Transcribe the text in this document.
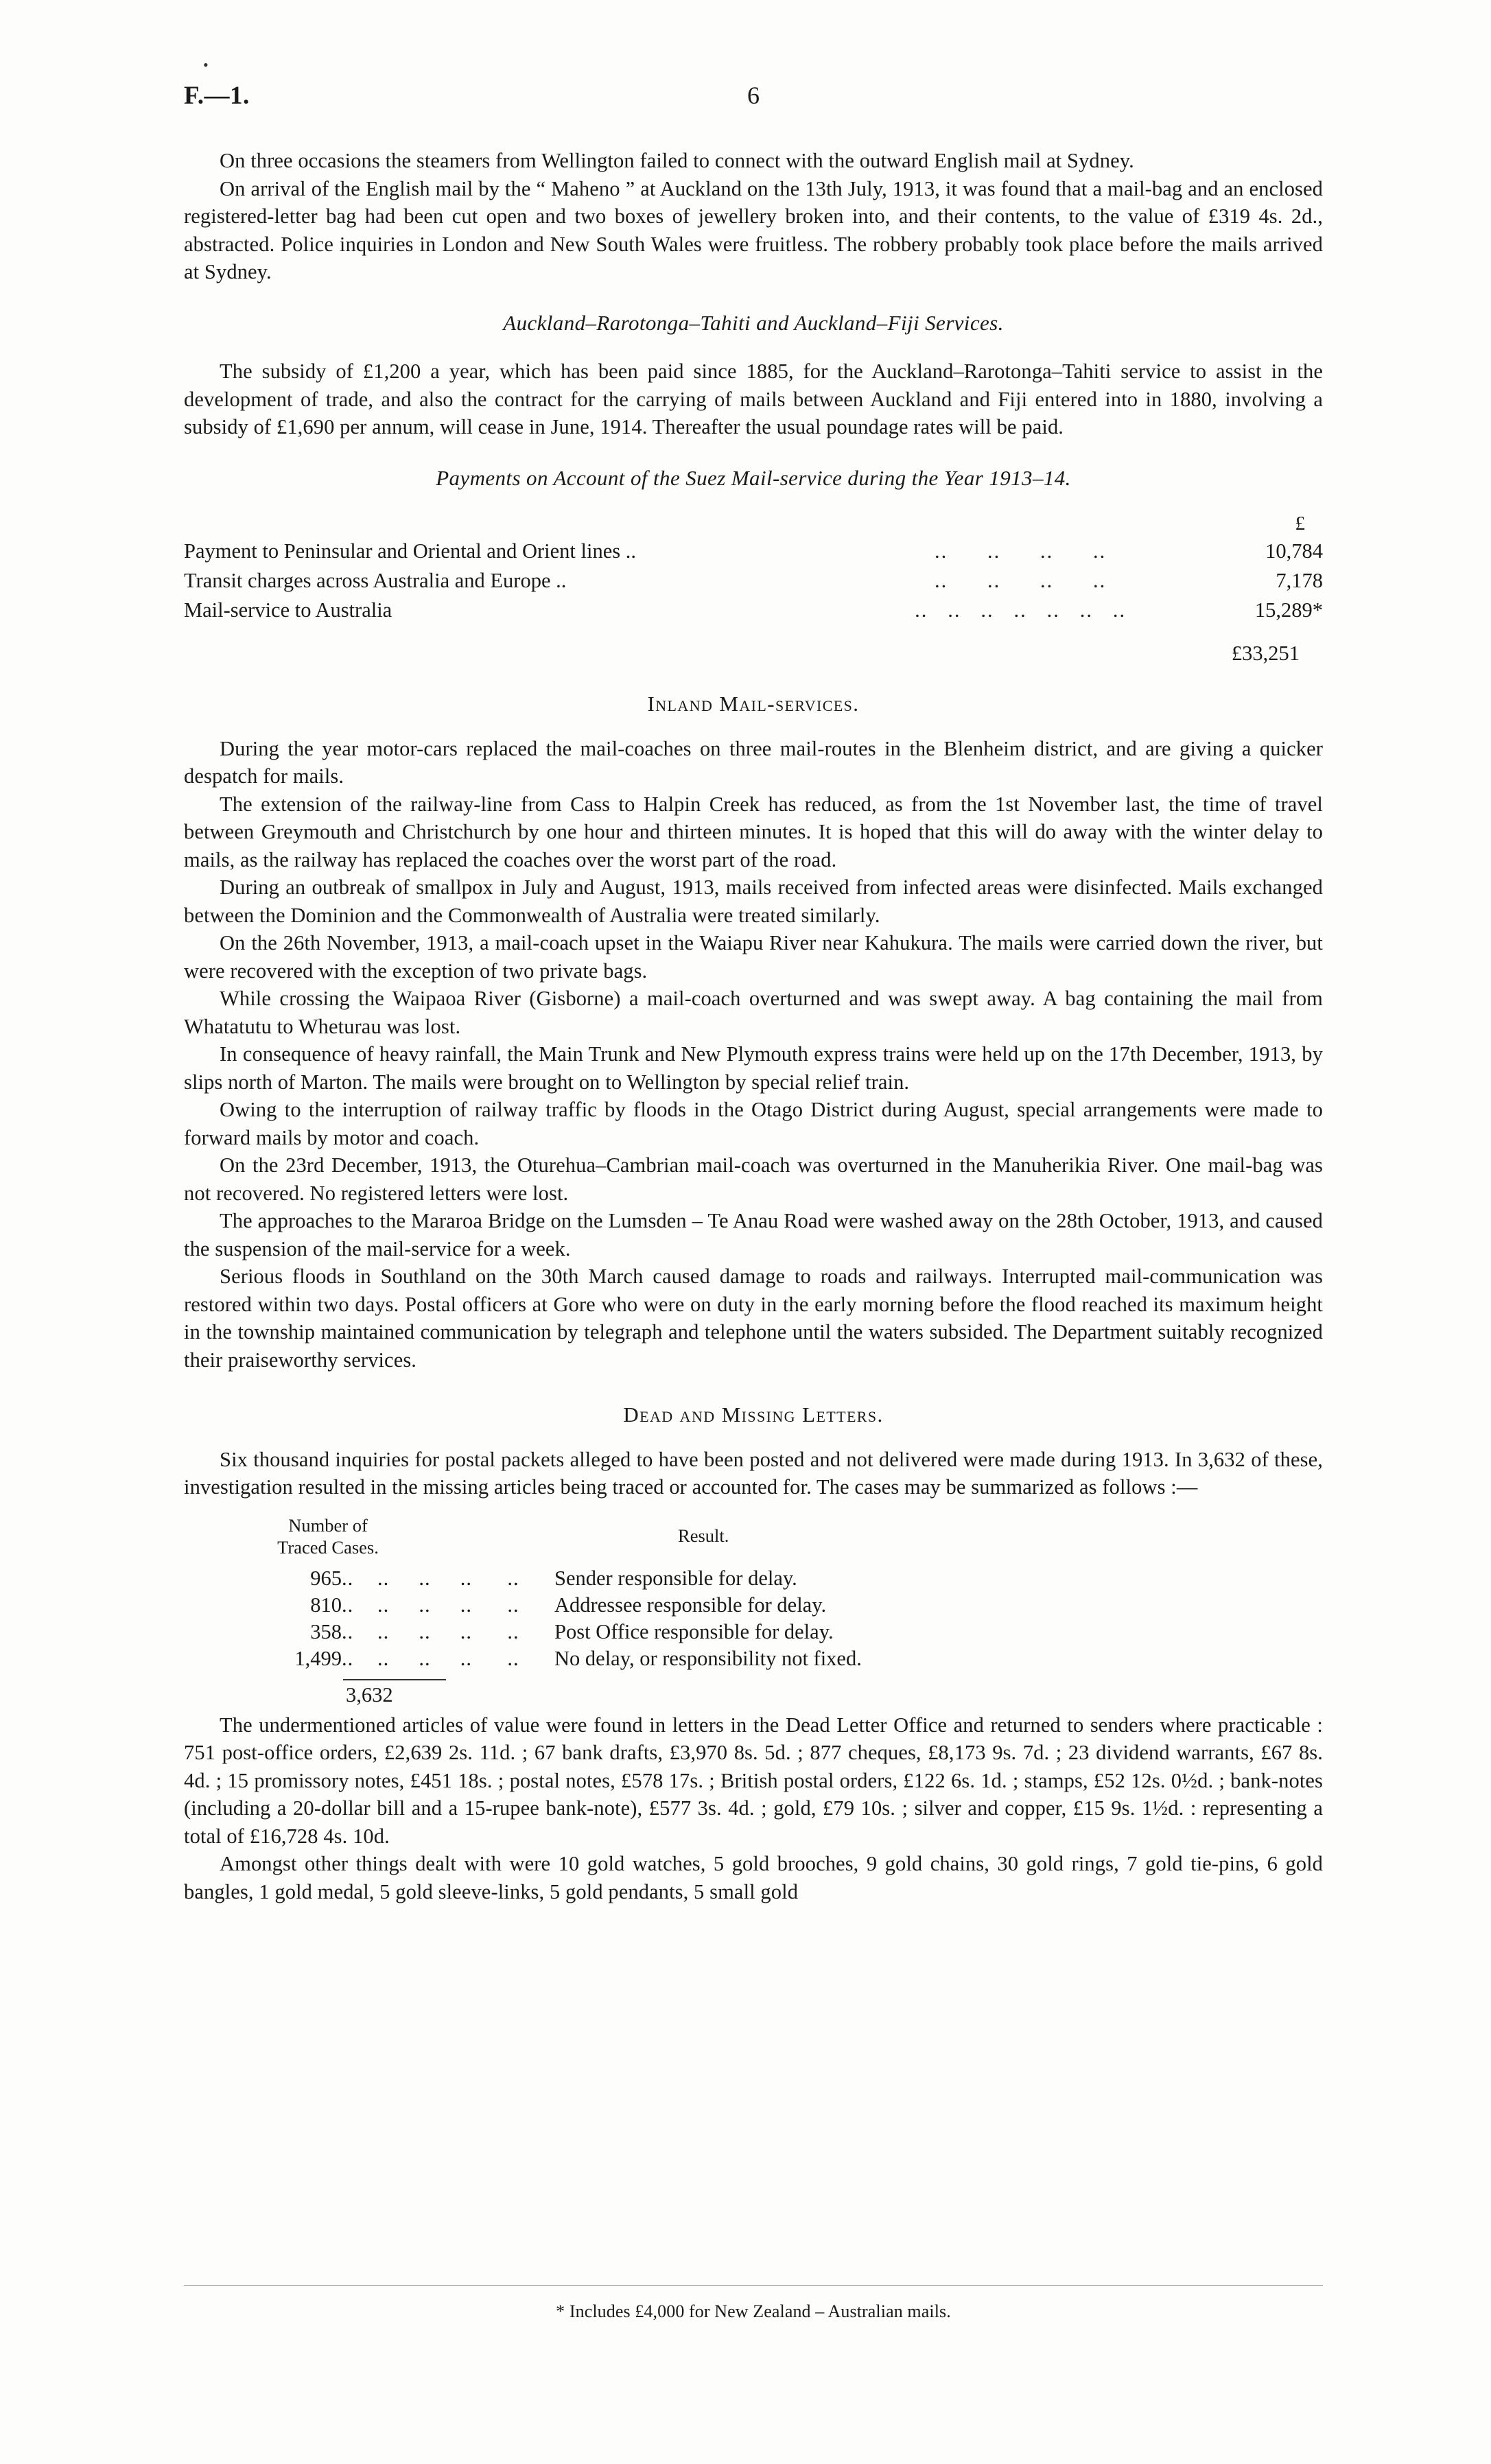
•
F.—1.	6

On three occasions the steamers from Wellington failed to connect with the outward English mail at Sydney.

On arrival of the English mail by the “ Maheno ” at Auckland on the 13th July, 1913, it was found that a mail-bag and an enclosed registered-letter bag had been cut open and two boxes of jewellery broken into, and their contents, to the value of £319 4s. 2d., abstracted. Police inquiries in London and New South Wales were fruitless. The robbery probably took place before the mails arrived at Sydney.

Auckland–Rarotonga–Tahiti and Auckland–Fiji Services.

The subsidy of £1,200 a year, which has been paid since 1885, for the Auckland–Rarotonga–Tahiti service to assist in the development of trade, and also the contract for the carrying of mails between Auckland and Fiji entered into in 1880, involving a subsidy of £1,690 per annum, will cease in June, 1914. Thereafter the usual poundage rates will be paid.

Payments on Account of the Suez Mail-service during the Year 1913–14.

£
Payment to Peninsular and Oriental and Orient lines ..	..      ..      ..      ..	10,784
Transit charges across Australia and Europe ..	..      ..      ..      ..	7,178
Mail-service to Australia	..   ..   ..   ..   ..   ..   ..	15,289*
£33,251

Inland Mail-services.

During the year motor-cars replaced the mail-coaches on three mail-routes in the Blenheim district, and are giving a quicker despatch for mails.

The extension of the railway-line from Cass to Halpin Creek has reduced, as from the 1st November last, the time of travel between Greymouth and Christchurch by one hour and thirteen minutes. It is hoped that this will do away with the winter delay to mails, as the railway has replaced the coaches over the worst part of the road.

During an outbreak of smallpox in July and August, 1913, mails received from infected areas were disinfected. Mails exchanged between the Dominion and the Commonwealth of Australia were treated similarly.

On the 26th November, 1913, a mail-coach upset in the Waiapu River near Kahukura. The mails were carried down the river, but were recovered with the exception of two private bags.

While crossing the Waipaoa River (Gisborne) a mail-coach overturned and was swept away. A bag containing the mail from Whatatutu to Wheturau was lost.

In consequence of heavy rainfall, the Main Trunk and New Plymouth express trains were held up on the 17th December, 1913, by slips north of Marton. The mails were brought on to Wellington by special relief train.

Owing to the interruption of railway traffic by floods in the Otago District during August, special arrangements were made to forward mails by motor and coach.

On the 23rd December, 1913, the Oturehua–Cambrian mail-coach was overturned in the Manuherikia River. One mail-bag was not recovered. No registered letters were lost.

The approaches to the Mararoa Bridge on the Lumsden – Te Anau Road were washed away on the 28th October, 1913, and caused the suspension of the mail-service for a week.

Serious floods in Southland on the 30th March caused damage to roads and railways. Interrupted mail-communication was restored within two days. Postal officers at Gore who were on duty in the early morning before the flood reached its maximum height in the township maintained communication by telegraph and telephone until the waters subsided. The Department suitably recognized their praiseworthy services.

Dead and Missing Letters.

Six thousand inquiries for postal packets alleged to have been posted and not delivered were made during 1913. In 3,632 of these, investigation resulted in the missing articles being traced or accounted for. The cases may be summarized as follows :—

Number of
Traced Cases.			Result.	
965	..	..     ..     ..	..	Sender responsible for delay.
810	..	..     ..     ..	..	Addressee responsible for delay.
358	..	..     ..     ..	..	Post Office responsible for delay.
1,499	..	..     ..     ..	..	No delay, or responsibility not fixed.
3,632

The undermentioned articles of value were found in letters in the Dead Letter Office and returned to senders where practicable : 751 post-office orders, £2,639 2s. 11d. ; 67 bank drafts, £3,970 8s. 5d. ; 877 cheques, £8,173 9s. 7d. ; 23 dividend warrants, £67 8s. 4d. ; 15 promissory notes, £451 18s. ; postal notes, £578 17s. ; British postal orders, £122 6s. 1d. ; stamps, £52 12s. 0½d. ; bank-notes (including a 20-dollar bill and a 15-rupee bank-note), £577 3s. 4d. ; gold, £79 10s. ; silver and copper, £15 9s. 1½d. : representing a total of £16,728 4s. 10d.

Amongst other things dealt with were 10 gold watches, 5 gold brooches, 9 gold chains, 30 gold rings, 7 gold tie-pins, 6 gold bangles, 1 gold medal, 5 gold sleeve-links, 5 gold pendants, 5 small gold

* Includes £4,000 for New Zealand – Australian mails.
